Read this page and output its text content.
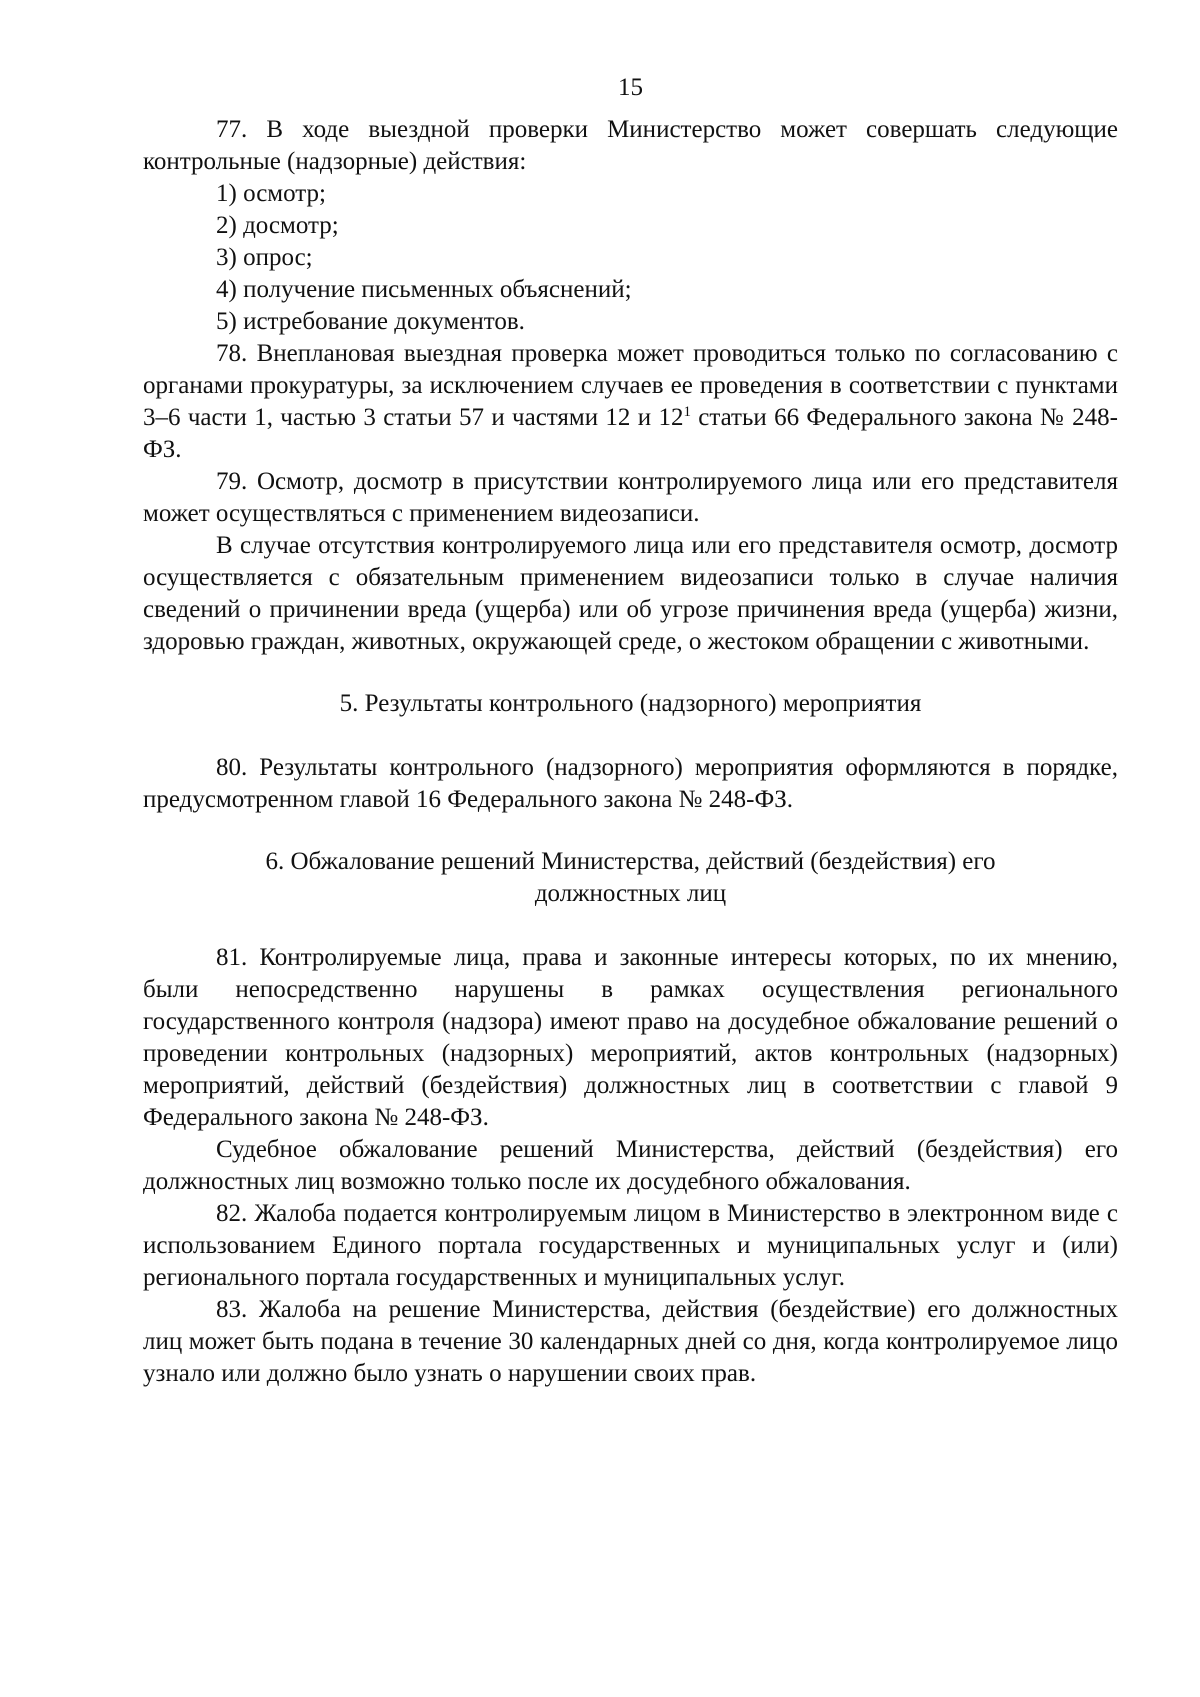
15

77. В ходе выездной проверки Министерство может совершать следующие контрольные (надзорные) действия:

1) осмотр;

2) досмотр;

3) опрос;

4) получение письменных объяснений;

5) истребование документов.

78. Внеплановая выездная проверка может проводиться только по согласованию с органами прокуратуры, за исключением случаев ее проведения в соответствии с пунктами 3–6 части 1, частью 3 статьи 57 и частями 12 и $12^1$ статьи 66 Федерального закона № 248-ФЗ.

79. Осмотр, досмотр в присутствии контролируемого лица или его представителя может осуществляться с применением видеозаписи.

В случае отсутствия контролируемого лица или его представителя осмотр, досмотр осуществляется с обязательным применением видеозаписи только в случае наличия сведений о причинении вреда (ущерба) или об угрозе причинения вреда (ущерба) жизни, здоровью граждан, животных, окружающей среде, о жестоком обращении с животными.

5. Результаты контрольного (надзорного) мероприятия

80. Результаты контрольного (надзорного) мероприятия оформляются в порядке, предусмотренном главой 16 Федерального закона № 248-ФЗ.

6. Обжалование решений Министерства, действий (бездействия) его должностных лиц

81. Контролируемые лица, права и законные интересы которых, по их мнению, были непосредственно нарушены в рамках осуществления регионального государственного контроля (надзора) имеют право на досудебное обжалование решений о проведении контрольных (надзорных) мероприятий, актов контрольных (надзорных) мероприятий, действий (бездействия) должностных лиц в соответствии с главой 9 Федерального закона № 248-ФЗ.

Судебное обжалование решений Министерства, действий (бездействия) его должностных лиц возможно только после их досудебного обжалования.

82. Жалоба подается контролируемым лицом в Министерство в электронном виде с использованием Единого портала государственных и муниципальных услуг и (или) регионального портала государственных и муниципальных услуг.

83. Жалоба на решение Министерства, действия (бездействие) его должностных лиц может быть подана в течение 30 календарных дней со дня, когда контролируемое лицо узнало или должно было узнать о нарушении своих прав.
